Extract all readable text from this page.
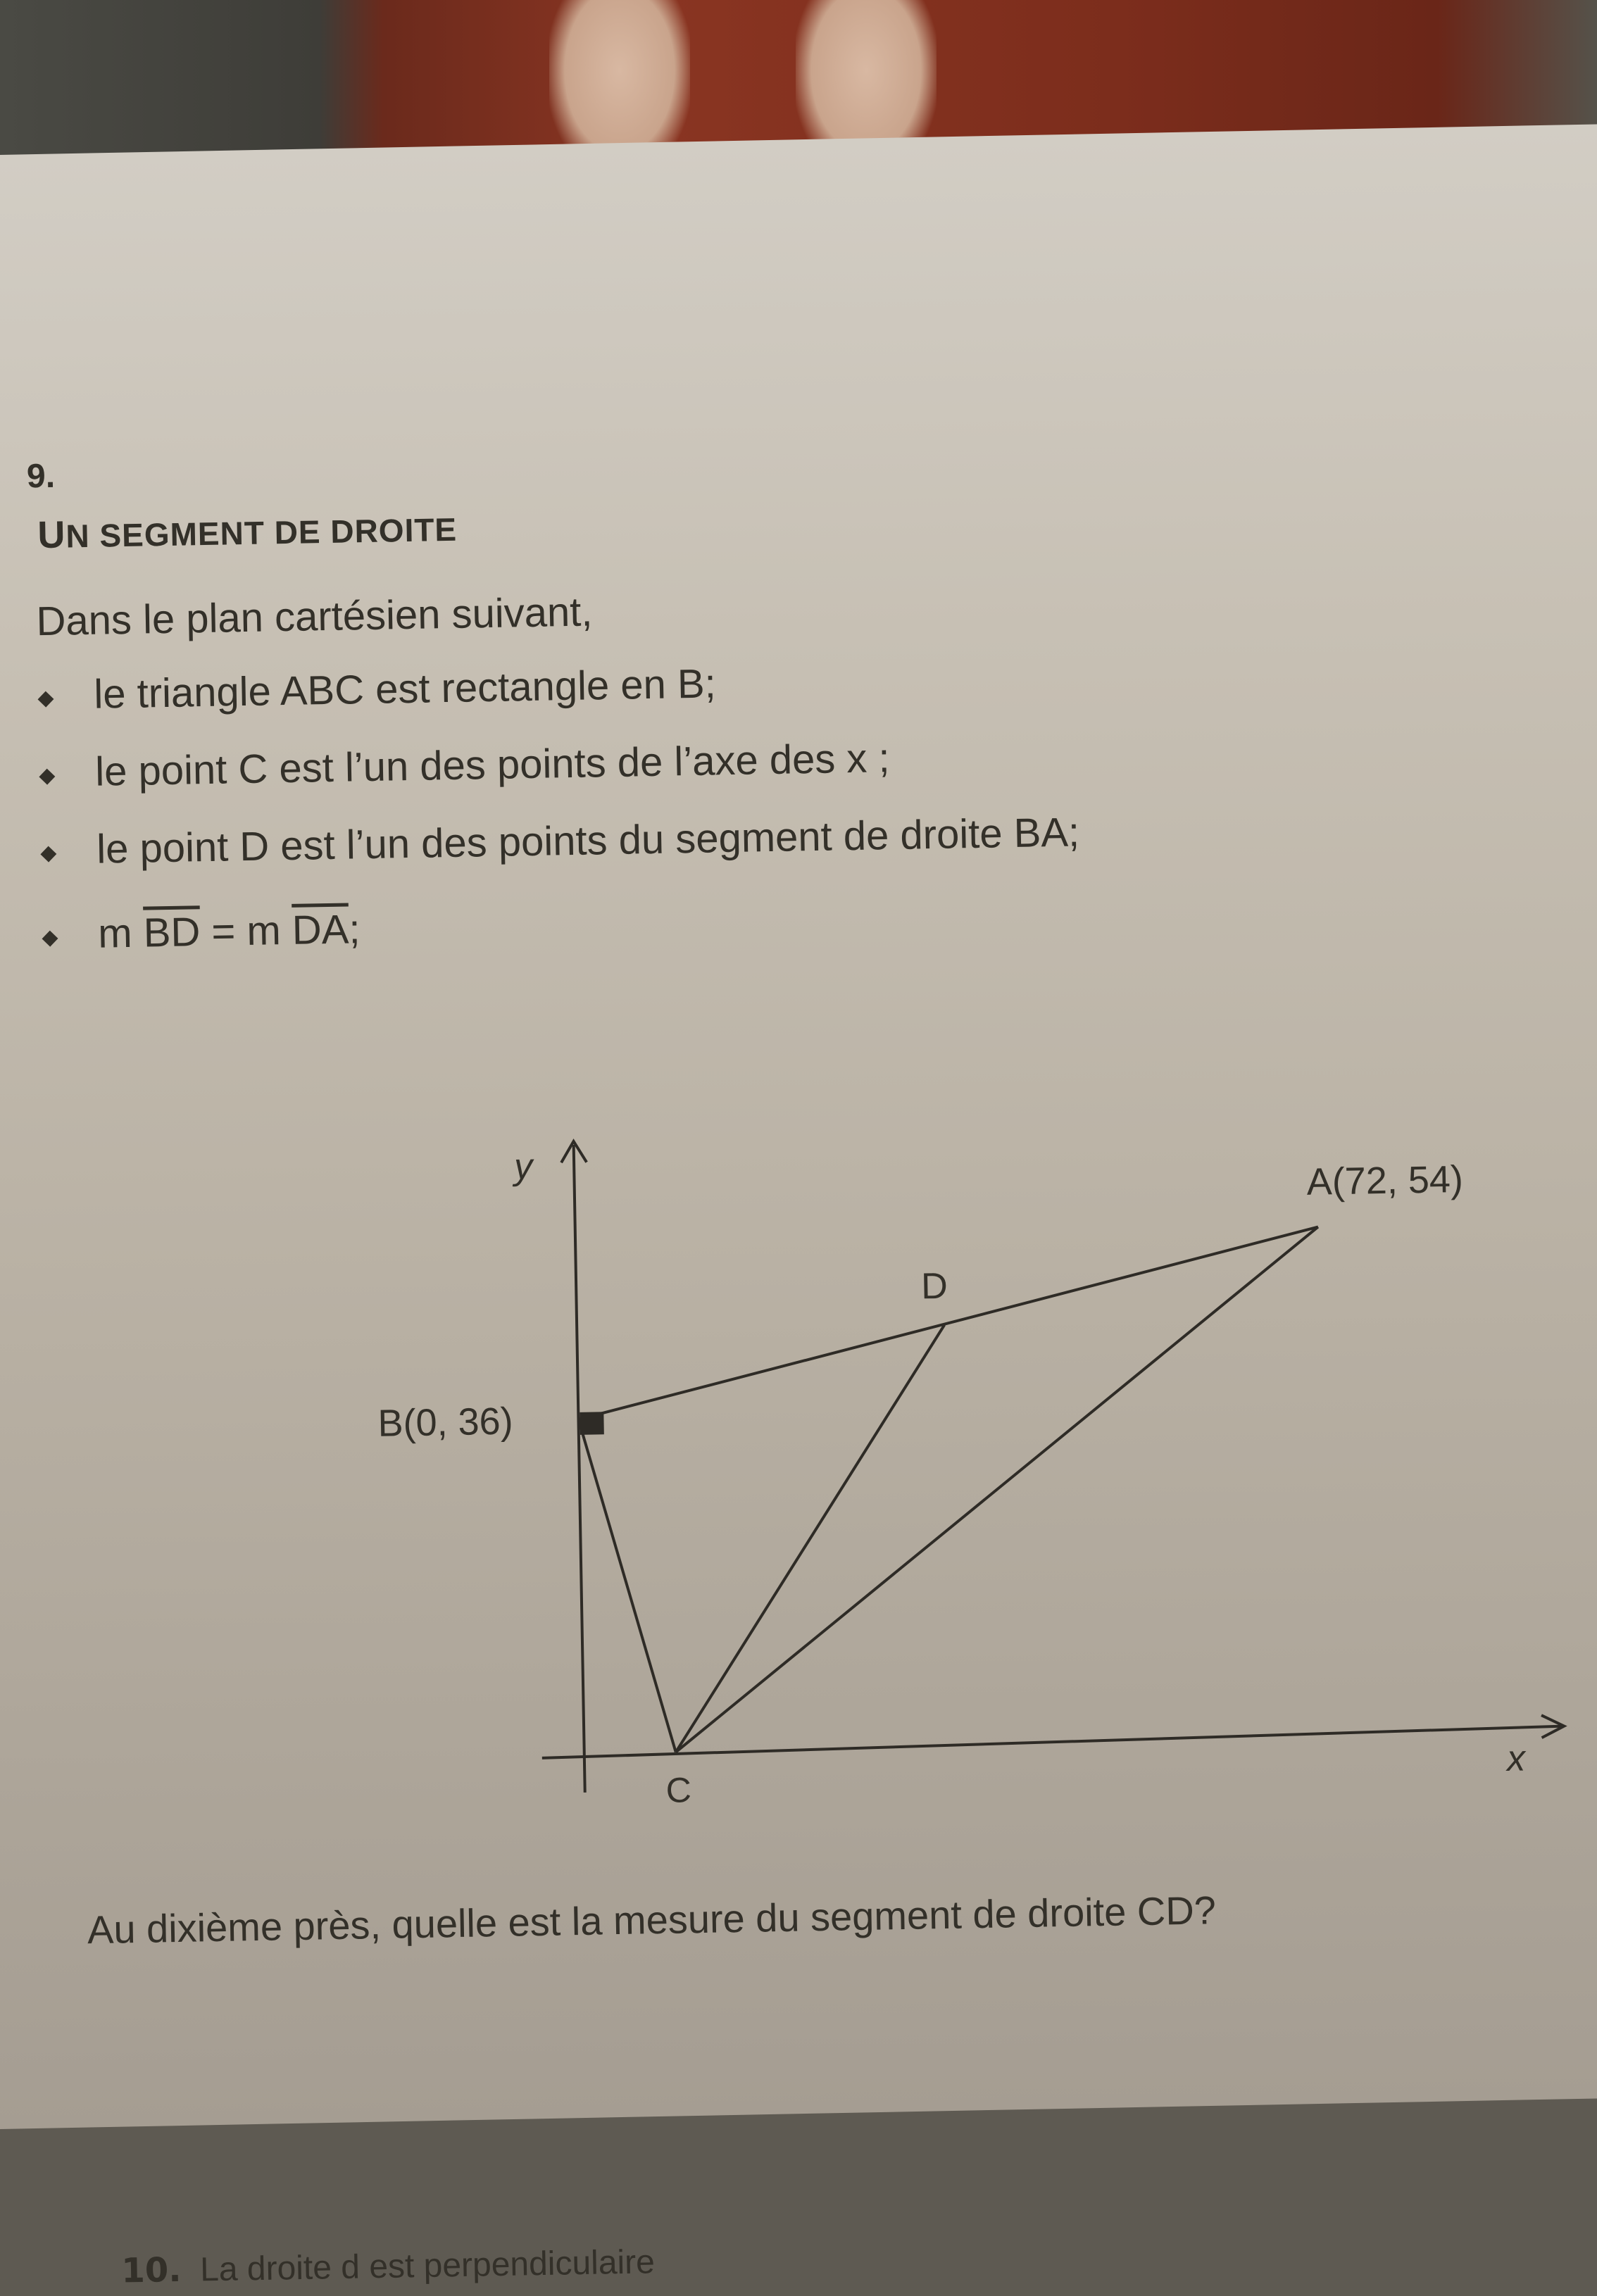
9.
UN SEGMENT DE DROITE
Dans le plan cartésien suivant,
◆ le triangle ABC est rectangle en B;
◆ le point C est l’un des points de l’axe des x ;
◆ le point D est l’un des points du segment de droite BA;
◆ m $\overline{BD} = m$ $\overline{DA}$;
y
x
A(72, 54)
B(0, 36)
C
D
Au dixième près, quelle est la mesure du segment de droite CD?
10. La droite d est perpendiculaire
